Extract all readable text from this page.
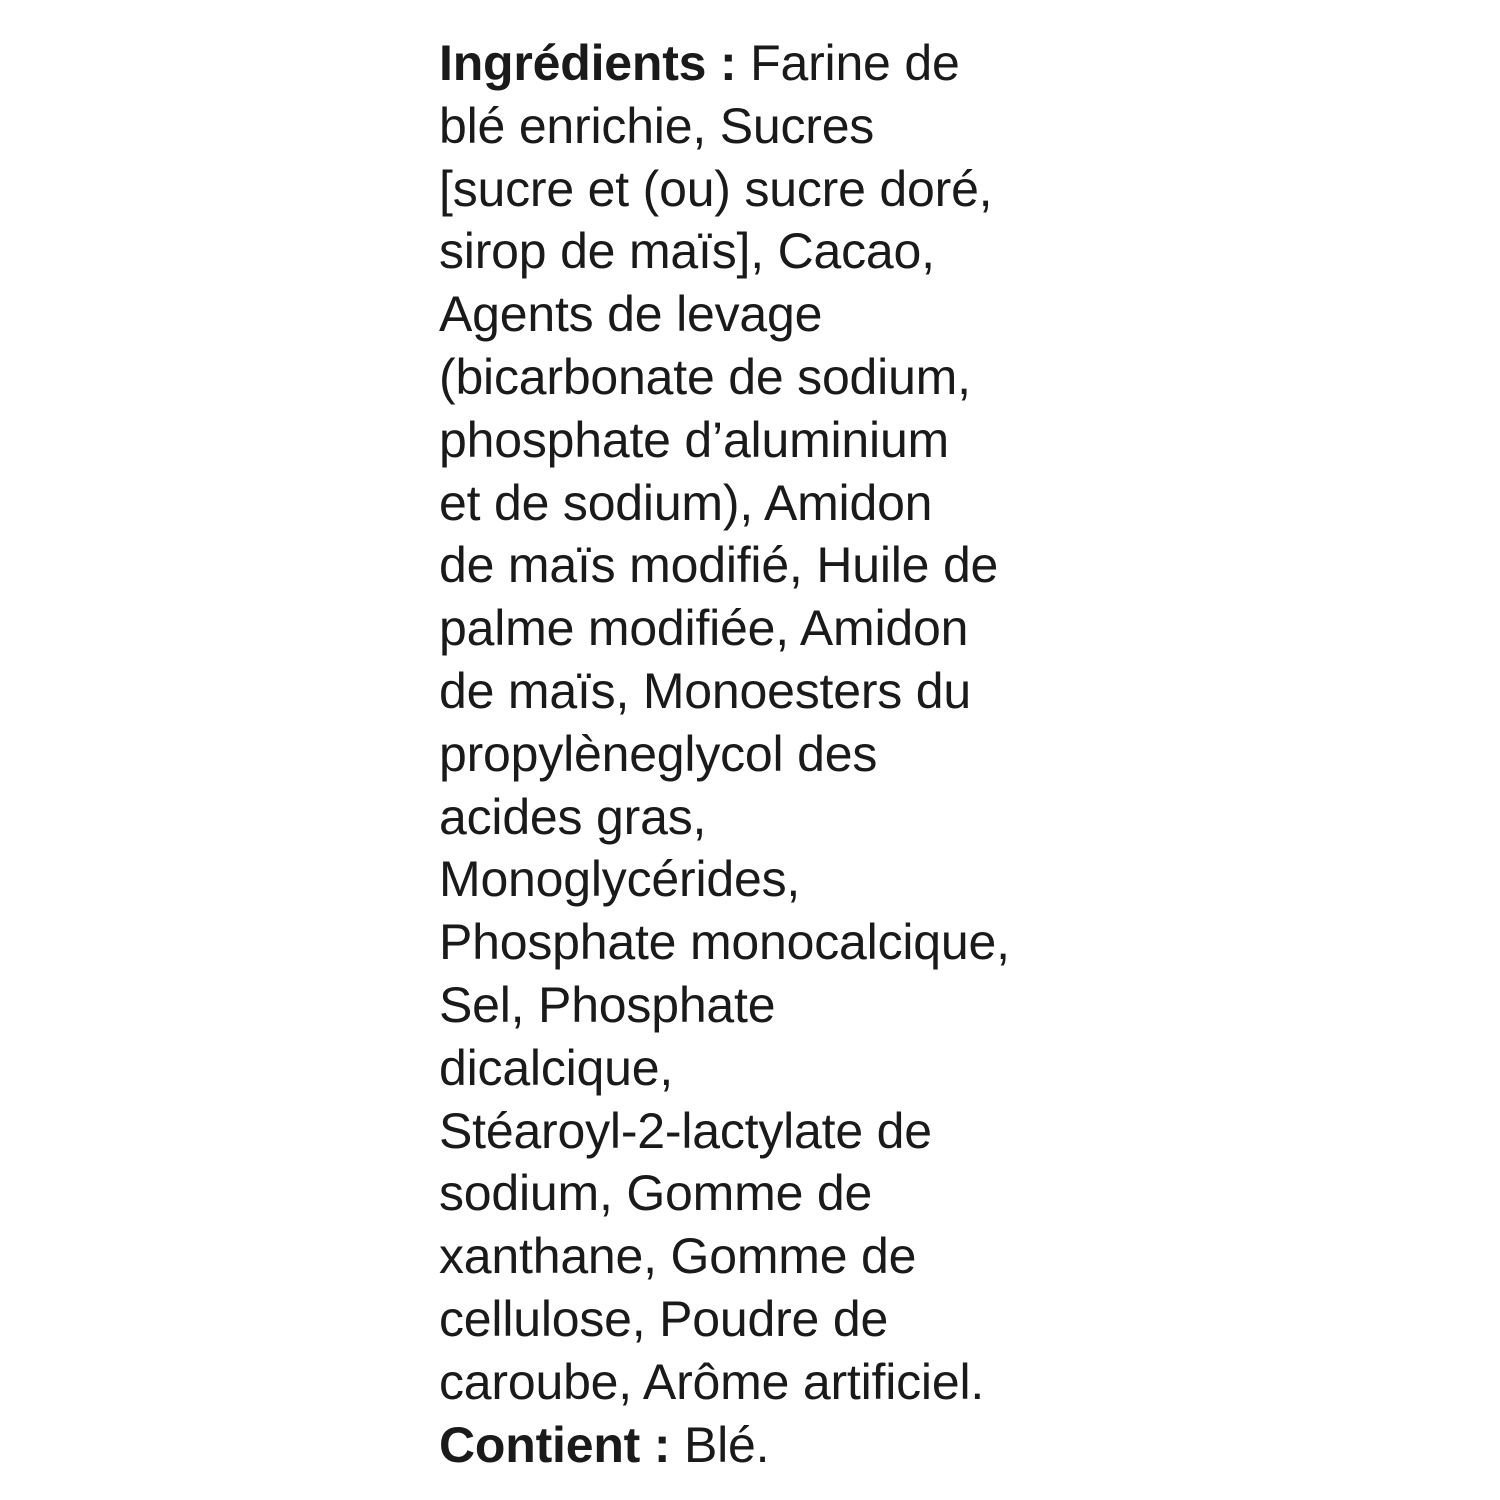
Ingrédients : Farine de
blé enrichie, Sucres
[sucre et (ou) sucre doré,
sirop de maïs], Cacao,
Agents de levage
(bicarbonate de sodium,
phosphate d’aluminium
et de sodium), Amidon
de maïs modifié, Huile de
palme modifiée, Amidon
de maïs, Monoesters du
propylèneglycol des
acides gras,
Monoglycérides,
Phosphate monocalcique,
Sel, Phosphate
dicalcique,
Stéaroyl-2-lactylate de
sodium, Gomme de
xanthane, Gomme de
cellulose, Poudre de
caroube, Arôme artificiel.
Contient : Blé.
